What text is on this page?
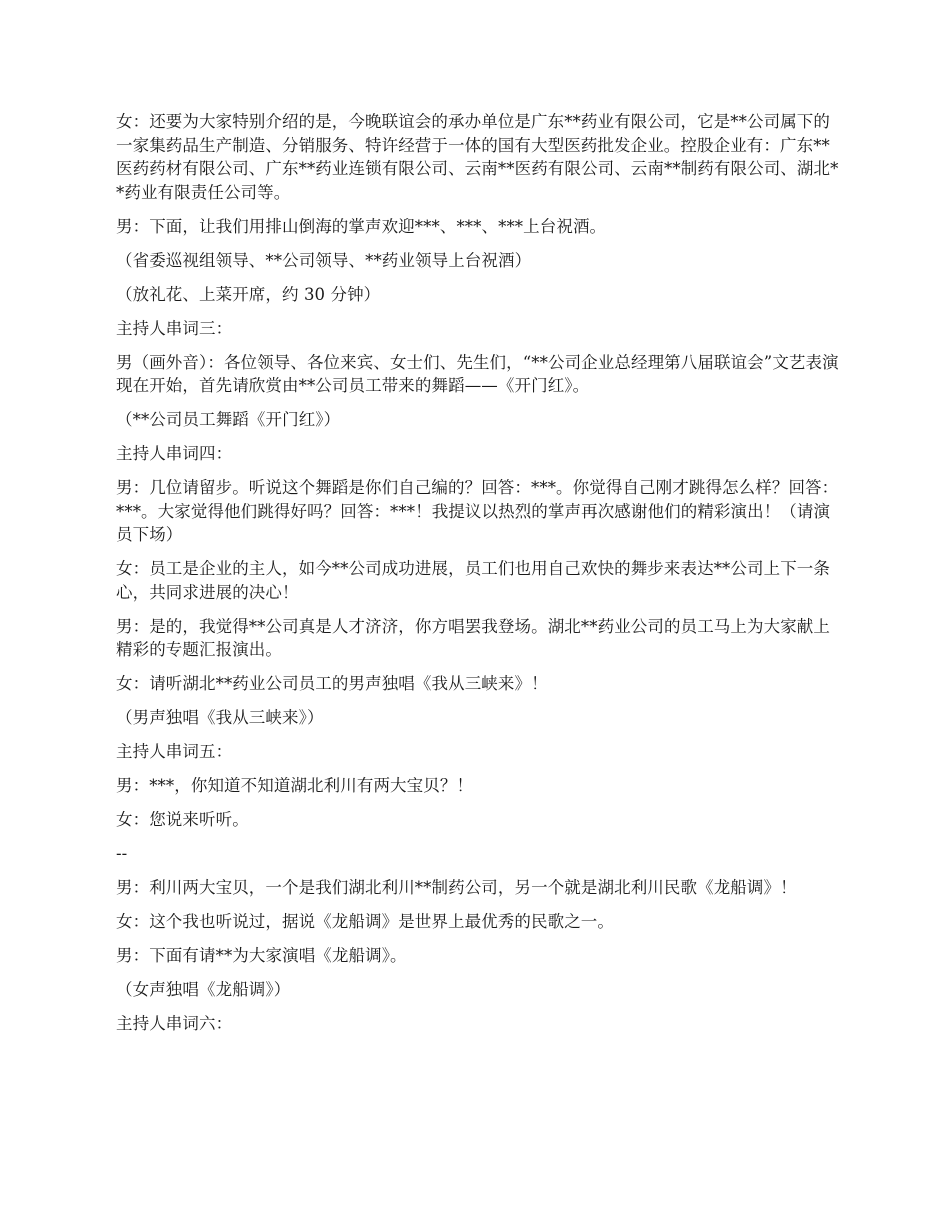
女：还要为大家特别介绍的是，今晚联谊会的承办单位是广东**药业有限公司，它是**公司属下的一家集药品生产制造、分销服务、特许经营于一体的国有大型医药批发企业。控股企业有：广东**医药药材有限公司、广东**药业连锁有限公司、云南**医药有限公司、云南**制药有限公司、湖北**药业有限责任公司等。

男：下面，让我们用排山倒海的掌声欢迎***、***、***上台祝酒。

（省委巡视组领导、**公司领导、**药业领导上台祝酒）

（放礼花、上菜开席，约 30 分钟）

主持人串词三：

男（画外音）：各位领导、各位来宾、女士们、先生们，“**公司企业总经理第八届联谊会”文艺表演现在开始，首先请欣赏由**公司员工带来的舞蹈——《开门红》。

（**公司员工舞蹈《开门红》）

主持人串词四：

男：几位请留步。听说这个舞蹈是你们自己编的？回答：***。你觉得自己刚才跳得怎么样？回答：***。大家觉得他们跳得好吗？回答：***！我提议以热烈的掌声再次感谢他们的精彩演出！（请演员下场）

女：员工是企业的主人，如今**公司成功进展，员工们也用自己欢快的舞步来表达**公司上下一条心，共同求进展的决心！

男：是的，我觉得**公司真是人才济济，你方唱罢我登场。湖北**药业公司的员工马上为大家献上精彩的专题汇报演出。

女：请听湖北**药业公司员工的男声独唱《我从三峡来》！

（男声独唱《我从三峡来》）

主持人串词五：

男：***，你知道不知道湖北利川有两大宝贝？！

女：您说来听听。

--

男：利川两大宝贝，一个是我们湖北利川**制药公司，另一个就是湖北利川民歌《龙船调》！

女：这个我也听说过，据说《龙船调》是世界上最优秀的民歌之一。

男：下面有请**为大家演唱《龙船调》。

（女声独唱《龙船调》）

主持人串词六：
